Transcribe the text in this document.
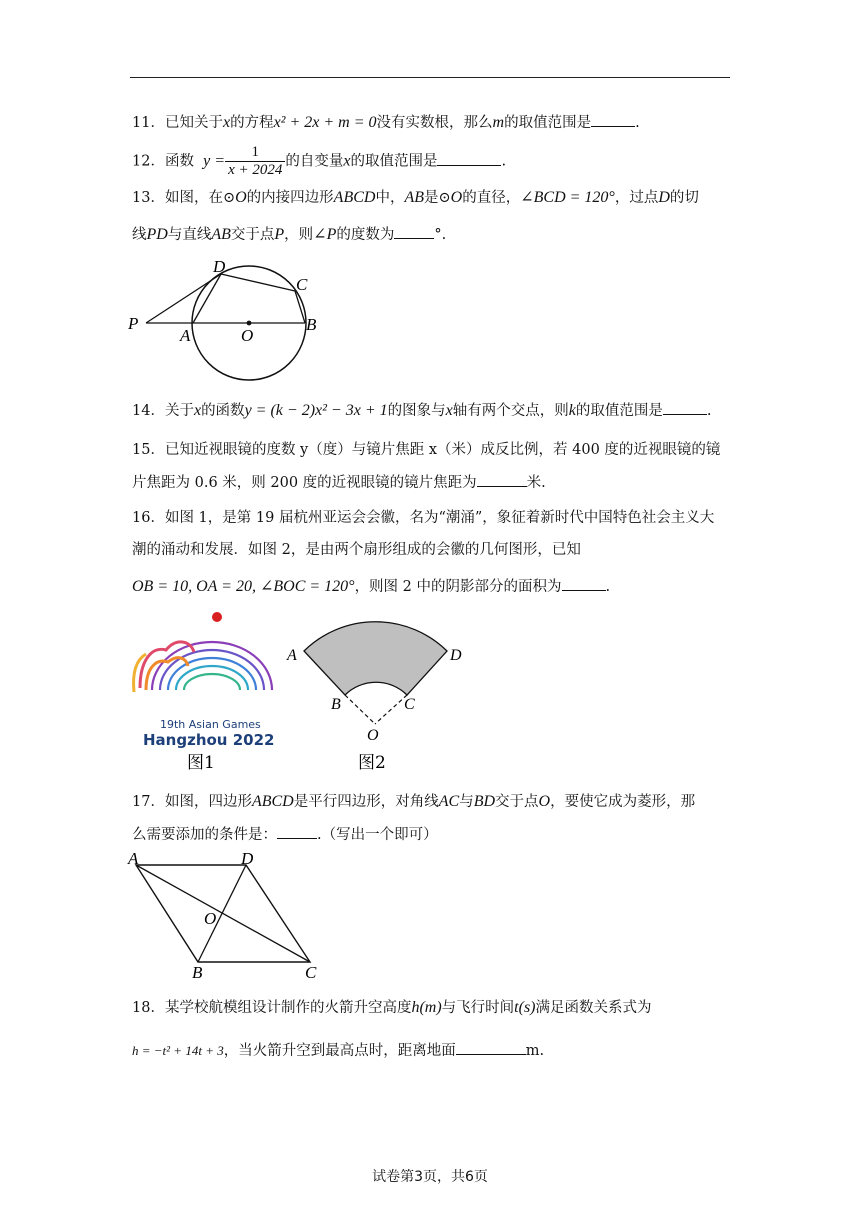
11．已知关于x的方程x² + 2x + m = 0没有实数根，那么m的取值范围是	.
12．函数 $y = \frac{1}{x + 2024}$ 的自变量x的取值范围是	.
13．如图，在⊙O的内接四边形ABCD中，AB是⊙O的直径，∠BCD = 120°，过点D的切
线PD与直线AB交于点P，则∠P的度数为	°.
P
A	O
B
C
D
14．关于x的函数y = (k − 2)x² − 3x + 1的图象与x轴有两个交点，则k的取值范围是	.
15．已知近视眼镜的度数 y（度）与镜片焦距 x（米）成反比例，若 400 度的近视眼镜的镜
片焦距为 0.6 米，则 200 度的近视眼镜的镜片焦距为	米.
16．如图 1，是第 19 届杭州亚运会会徽，名为“潮涌”，象征着新时代中国特色社会主义大
潮的涌动和发展．如图 2，是由两个扇形组成的会徽的几何图形，已知
OB = 10, OA = 20, ∠BOC = 120°，则图 2 中的阴影部分的面积为	.
19th Asian Games
Hangzhou 2022
图1
A	D
B	C
O
图2
17．如图，四边形ABCD是平行四边形，对角线AC与BD交于点O，要使它成为菱形，那
么需要添加的条件是：	.（写出一个即可）
A	D
O
B	C
18．某学校航模组设计制作的火箭升空高度h(m)与飞行时间t(s)满足函数关系式为
h = −t² + 14t + 3，当火箭升空到最高点时，距离地面	m.
试卷第3页，共6页
